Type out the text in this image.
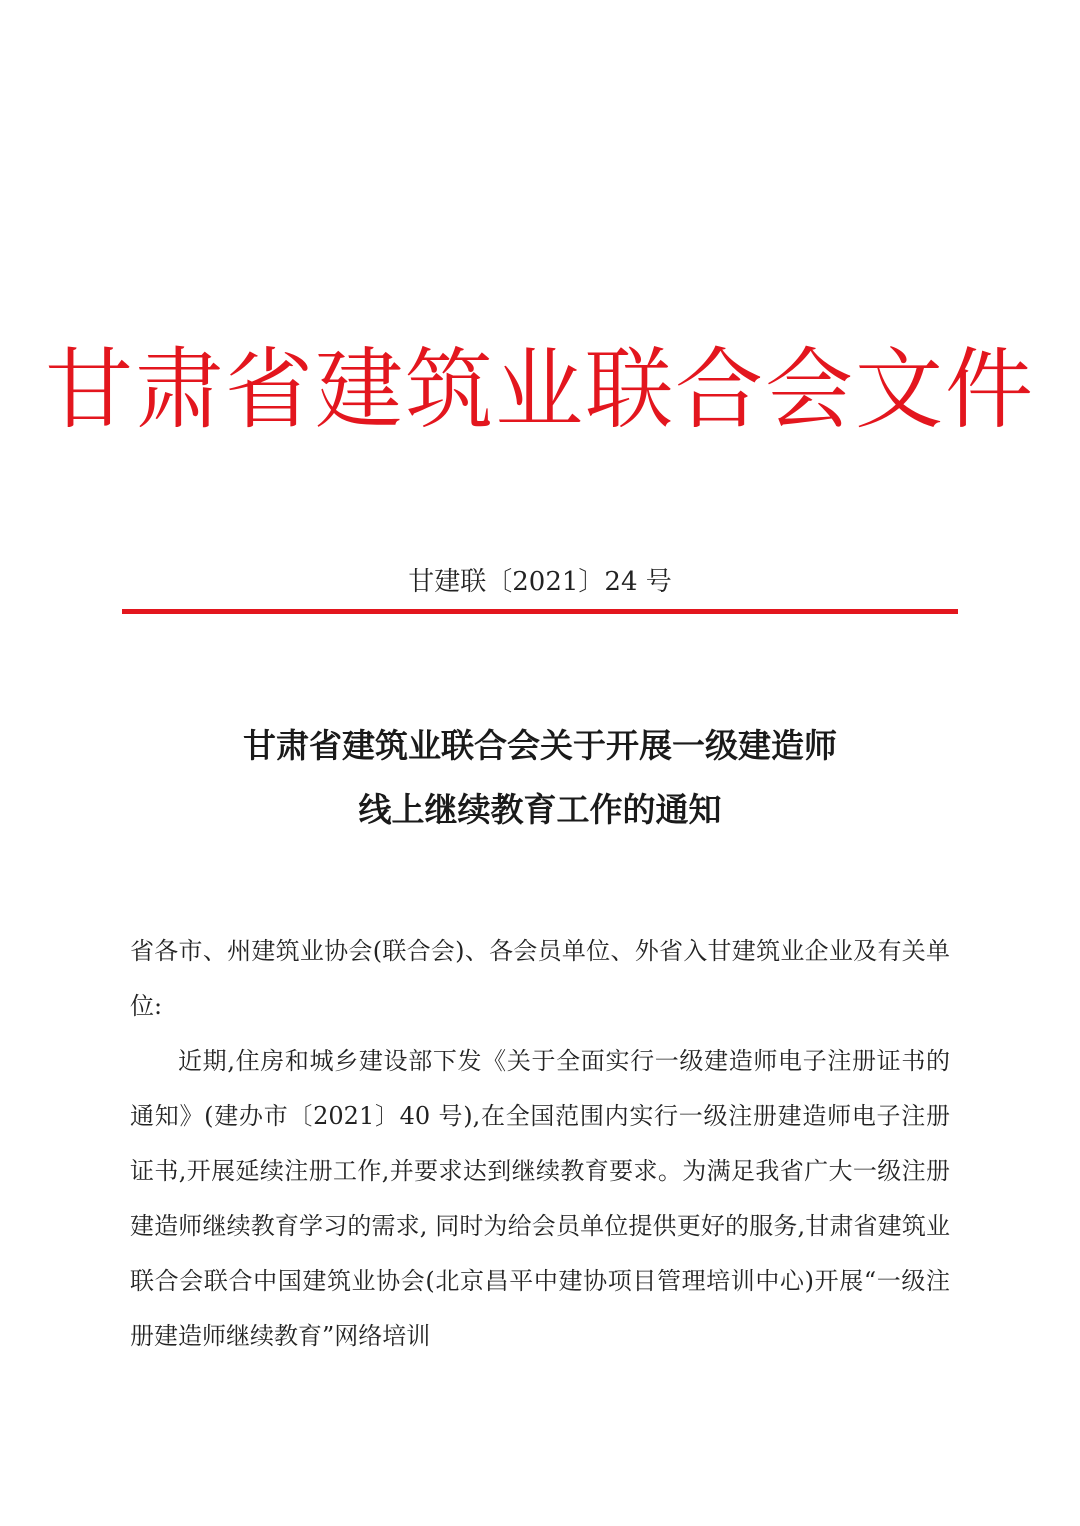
甘肃省建筑业联合会文件
甘建联〔2021〕24 号
甘肃省建筑业联合会关于开展一级建造师
线上继续教育工作的通知

省各市、州建筑业协会(联合会)、各会员单位、外省入甘建筑业企业及有关单位:

近期,住房和城乡建设部下发《关于全面实行一级建造师电子注册证书的通知》(建办市〔2021〕40 号),在全国范围内实行一级注册建造师电子注册证书,开展延续注册工作,并要求达到继续教育要求。为满足我省广大一级注册建造师继续教育学习的需求, 同时为给会员单位提供更好的服务,甘肃省建筑业联合会联合中国建筑业协会(北京昌平中建协项目管理培训中心)开展“一级注册建造师继续教育”网络培训
